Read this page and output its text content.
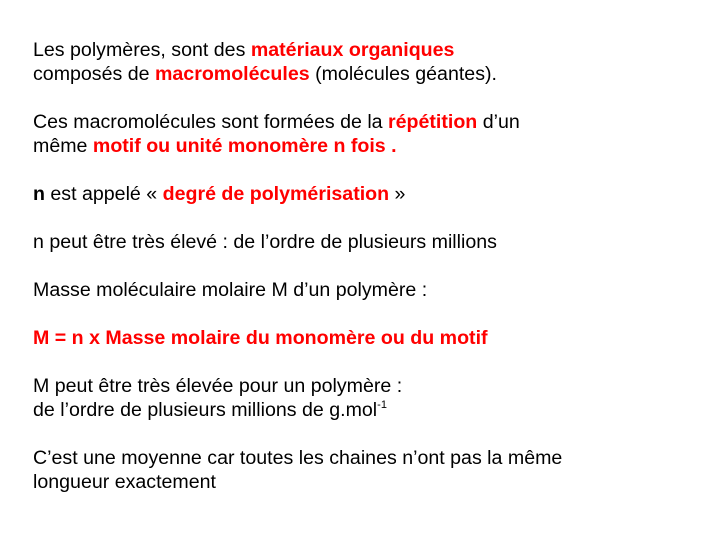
Les polymères, sont des matériaux organiques
composés de macromolécules (molécules géantes).
Ces macromolécules sont formées de la répétition d’un
même motif ou unité monomère n fois .
n est appelé « degré de polymérisation »
n peut être très élevé : de l’ordre de plusieurs millions
Masse moléculaire molaire M d’un polymère :
M = n x Masse molaire du monomère ou du motif
M peut être très élevée pour un polymère :
de l’ordre de plusieurs millions de g.mol$^{-1}$
C’est une moyenne car toutes les chaines n’ont pas la même
longueur exactement
